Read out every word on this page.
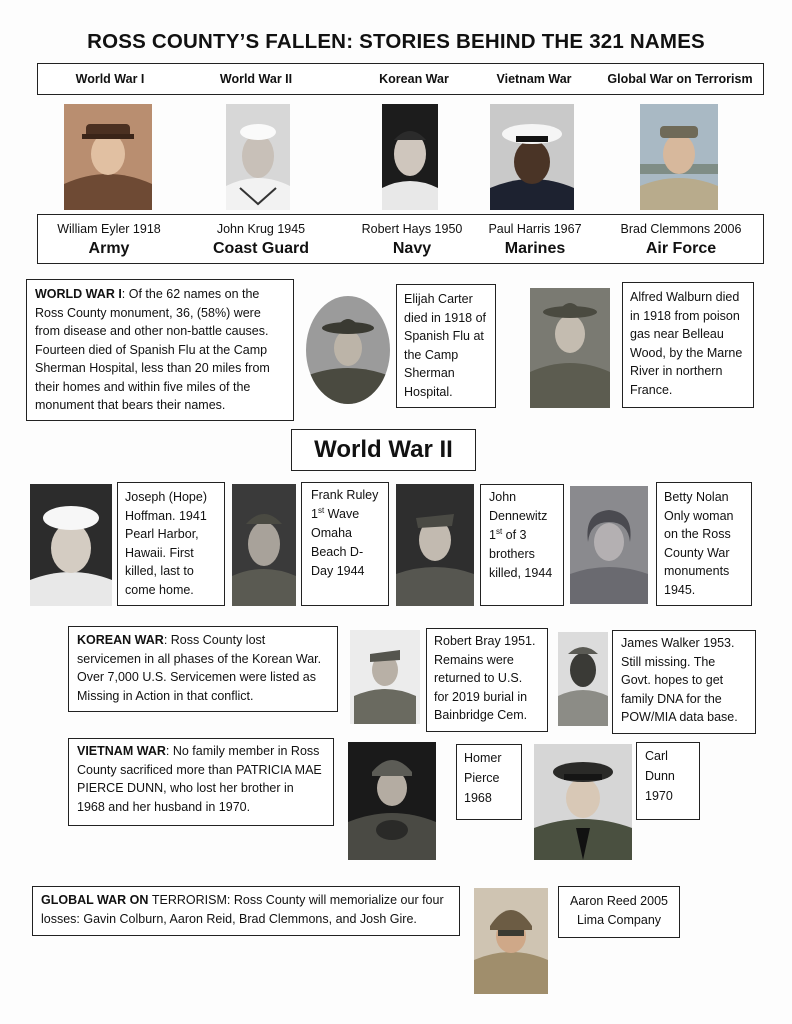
ROSS COUNTY’S FALLEN: STORIES BEHIND THE 321 NAMES
World War I	World War II	Korean War	Vietnam War	Global War on Terrorism
William Eyler 1918
Army
John Krug 1945
Coast Guard
Robert Hays 1950
Navy
Paul Harris 1967
Marines
Brad Clemmons 2006
Air Force
WORLD WAR I: Of the 62 names on the Ross County monument, 36, (58%) were from disease and other non-battle causes. Fourteen died of Spanish Flu at the Camp Sherman Hospital, less than 20 miles from their homes and within five miles of the monument that bears their names.
Elijah Carter died in 1918 of Spanish Flu at the Camp Sherman Hospital.
Alfred Walburn died in 1918 from poison gas near Belleau Wood, by the Marne River in northern France.
World War II
Joseph (Hope) Hoffman. 1941 Pearl Harbor, Hawaii. First killed, last to come home.
Frank Ruley
1st Wave Omaha Beach D-Day 1944
John Dennewitz
1st of 3 brothers killed, 1944
Betty Nolan Only woman on the Ross County War monuments 1945.
KOREAN WAR: Ross County lost servicemen in all phases of the Korean War. Over 7,000 U.S. Servicemen were listed as Missing in Action in that conflict.
Robert Bray 1951. Remains were returned to U.S. for 2019 burial in Bainbridge Cem.
James Walker 1953. Still missing. The Govt. hopes to get family DNA for the POW/MIA data base.
VIETNAM WAR: No family member in Ross County sacrificed more than PATRICIA MAE PIERCE DUNN, who lost her brother in 1968 and her husband in 1970.
Homer Pierce 1968
Carl Dunn 1970
GLOBAL WAR ON TERRORISM: Ross County will memorialize our four losses: Gavin Colburn, Aaron Reid, Brad Clemmons, and Josh Gire.
Aaron Reed 2005 Lima Company
